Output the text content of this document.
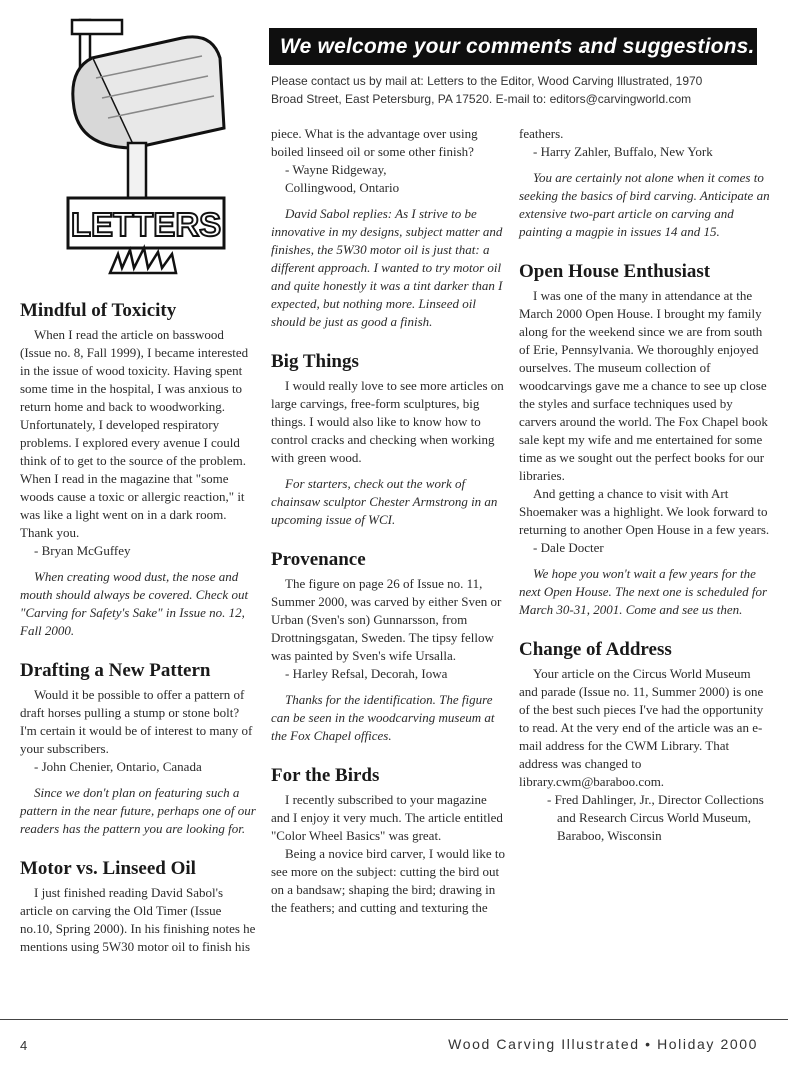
We welcome your comments and suggestions.
Please contact us by mail at: Letters to the Editor, Wood Carving Illustrated, 1970
Broad Street, East Petersburg, PA 17520. E-mail to: editors@carvingworld.com
LETTERS
Mindful of Toxicity

When I read the article on basswood (Issue no. 8, Fall 1999), I became interested in the issue of wood toxicity. Having spent some time in the hospital, I was anxious to return home and back to woodworking. Unfortunately, I developed respiratory problems. I explored every avenue I could think of to get to the source of the problem. When I read in the magazine that "some woods cause a toxic or allergic reaction," it was like a light went on in a dark room. Thank you.

- Bryan McGuffey

When creating wood dust, the nose and mouth should always be covered. Check out "Carving for Safety's Sake" in Issue no. 12, Fall 2000.

Drafting a New Pattern

Would it be possible to offer a pattern of draft horses pulling a stump or stone bolt? I'm certain it would be of interest to many of your subscribers.

- John Chenier, Ontario, Canada

Since we don't plan on featuring such a pattern in the near future, perhaps one of our readers has the pattern you are looking for.

Motor vs. Linseed Oil

I just finished reading David Sabol's article on carving the Old Timer (Issue no.10, Spring 2000). In his finishing notes he mentions using 5W30 motor oil to finish his

piece. What is the advantage over using boiled linseed oil or some other finish?

- Wayne Ridgeway,

Collingwood, Ontario

David Sabol replies: As I strive to be innovative in my designs, subject matter and finishes, the 5W30 motor oil is just that: a different approach. I wanted to try motor oil and quite honestly it was a tint darker than I expected, but nothing more. Linseed oil should be just as good a finish.

Big Things

I would really love to see more articles on large carvings, free-form sculptures, big things. I would also like to know how to control cracks and checking when working with green wood.

For starters, check out the work of chainsaw sculptor Chester Armstrong in an upcoming issue of WCI.

Provenance

The figure on page 26 of Issue no. 11, Summer 2000, was carved by either Sven or Urban (Sven's son) Gunnarsson, from Drottningsgatan, Sweden. The tipsy fellow was painted by Sven's wife Ursalla.

- Harley Refsal, Decorah, Iowa

Thanks for the identification. The figure can be seen in the woodcarving museum at the Fox Chapel offices.

For the Birds

I recently subscribed to your magazine and I enjoy it very much. The article entitled "Color Wheel Basics" was great.

Being a novice bird carver, I would like to see more on the subject: cutting the bird out on a bandsaw; shaping the bird; drawing in the feathers; and cutting and texturing the

feathers.

- Harry Zahler, Buffalo, New York

You are certainly not alone when it comes to seeking the basics of bird carving. Anticipate an extensive two-part article on carving and painting a magpie in issues 14 and 15.

Open House Enthusiast

I was one of the many in attendance at the March 2000 Open House. I brought my family along for the weekend since we are from south of Erie, Pennsylvania. We thoroughly enjoyed ourselves. The museum collection of woodcarvings gave me a chance to see up close the styles and surface techniques used by carvers around the world. The Fox Chapel book sale kept my wife and me entertained for some time as we sought out the perfect books for our libraries.

And getting a chance to visit with Art Shoemaker was a highlight. We look forward to returning to another Open House in a few years.

- Dale Docter

We hope you won't wait a few years for the next Open House. The next one is scheduled for March 30-31, 2001. Come and see us then.

Change of Address

Your article on the Circus World Museum and parade (Issue no. 11, Summer 2000) is one of the best such pieces I've had the opportunity to read. At the very end of the article was an e-mail address for the CWM Library. That address was changed to library.cwm@baraboo.com.

- Fred Dahlinger, Jr., Director Collections and Research Circus World Museum, Baraboo, Wisconsin

4	Wood Carving Illustrated • Holiday 2000
